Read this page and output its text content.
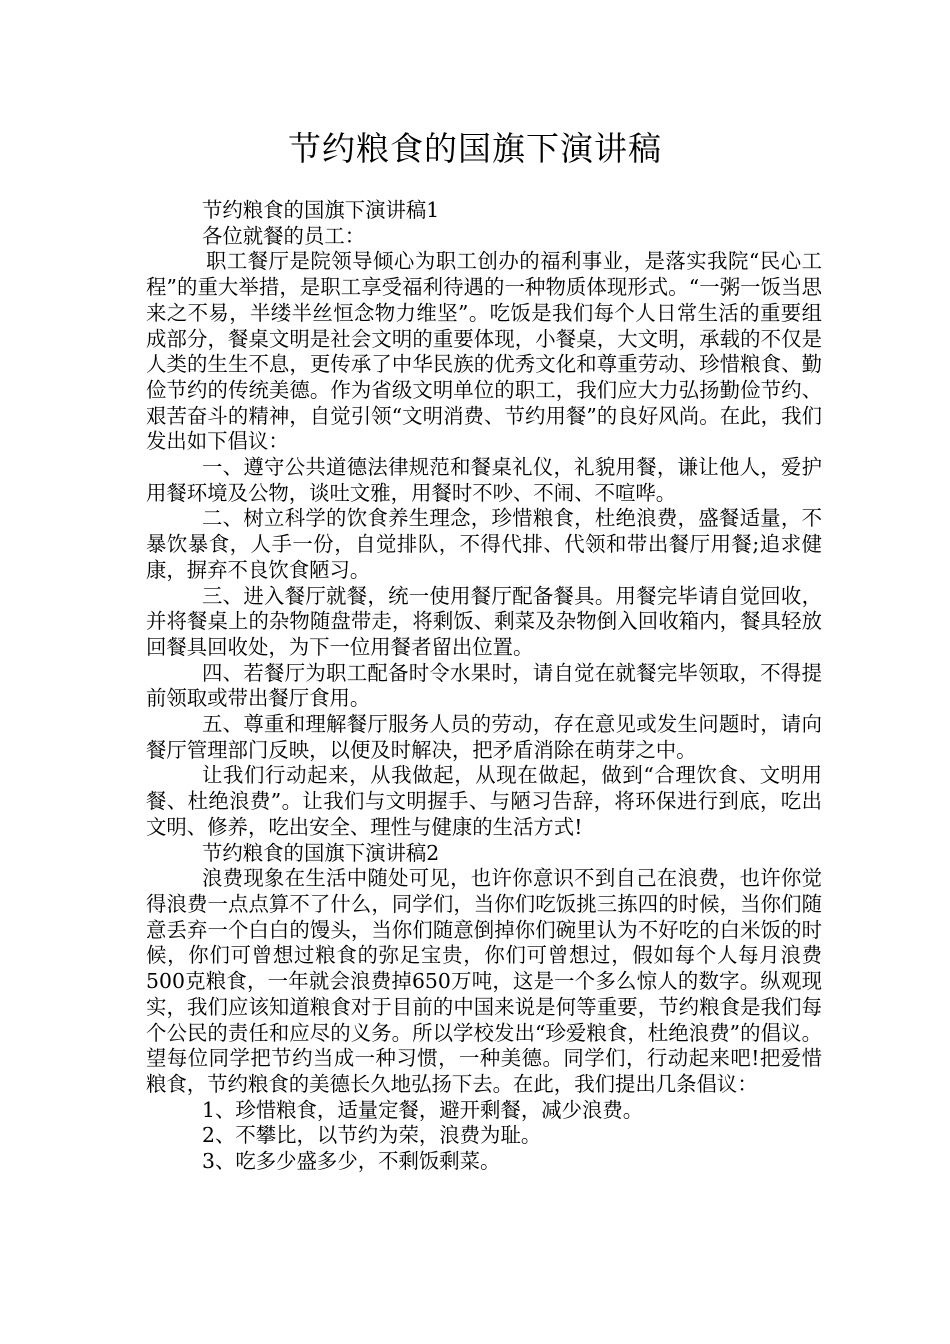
节约粮食的国旗下演讲稿

节约粮食的国旗下演讲稿1

各位就餐的员工：

职工餐厅是院领导倾心为职工创办的福利事业，是落实我院“民心工程”的重大举措，是职工享受福利待遇的一种物质体现形式。“一粥一饭当思来之不易，半缕半丝恒念物力维坚”。吃饭是我们每个人日常生活的重要组成部分，餐桌文明是社会文明的重要体现，小餐桌，大文明，承载的不仅是人类的生生不息，更传承了中华民族的优秀文化和尊重劳动、珍惜粮食、勤俭节约的传统美德。作为省级文明单位的职工，我们应大力弘扬勤俭节约、艰苦奋斗的精神，自觉引领“文明消费、节约用餐”的良好风尚。在此，我们发出如下倡议：

一、遵守公共道德法律规范和餐桌礼仪，礼貌用餐，谦让他人，爱护用餐环境及公物，谈吐文雅，用餐时不吵、不闹、不喧哗。

二、树立科学的饮食养生理念，珍惜粮食，杜绝浪费，盛餐适量，不暴饮暴食，人手一份，自觉排队，不得代排、代领和带出餐厅用餐;追求健康，摒弃不良饮食陋习。

三、进入餐厅就餐，统一使用餐厅配备餐具。用餐完毕请自觉回收，并将餐桌上的杂物随盘带走，将剩饭、剩菜及杂物倒入回收箱内，餐具轻放回餐具回收处，为下一位用餐者留出位置。

四、若餐厅为职工配备时令水果时，请自觉在就餐完毕领取，不得提前领取或带出餐厅食用。

五、尊重和理解餐厅服务人员的劳动，存在意见或发生问题时，请向餐厅管理部门反映，以便及时解决，把矛盾消除在萌芽之中。

让我们行动起来，从我做起，从现在做起，做到“合理饮食、文明用餐、杜绝浪费”。让我们与文明握手、与陋习告辞，将环保进行到底，吃出文明、修养，吃出安全、理性与健康的生活方式!

节约粮食的国旗下演讲稿2

浪费现象在生活中随处可见，也许你意识不到自己在浪费，也许你觉得浪费一点点算不了什么，同学们，当你们吃饭挑三拣四的时候，当你们随意丢弃一个白白的馒头，当你们随意倒掉你们碗里认为不好吃的白米饭的时候，你们可曾想过粮食的弥足宝贵，你们可曾想过，假如每个人每月浪费500克粮食，一年就会浪费掉650万吨，这是一个多么惊人的数字。纵观现实，我们应该知道粮食对于目前的中国来说是何等重要，节约粮食是我们每个公民的责任和应尽的义务。所以学校发出“珍爱粮食，杜绝浪费”的倡议。望每位同学把节约当成一种习惯，一种美德。同学们，行动起来吧!把爱惜粮食，节约粮食的美德长久地弘扬下去。在此，我们提出几条倡议：

1、珍惜粮食，适量定餐，避开剩餐，减少浪费。

2、不攀比，以节约为荣，浪费为耻。

3、吃多少盛多少，不剩饭剩菜。
